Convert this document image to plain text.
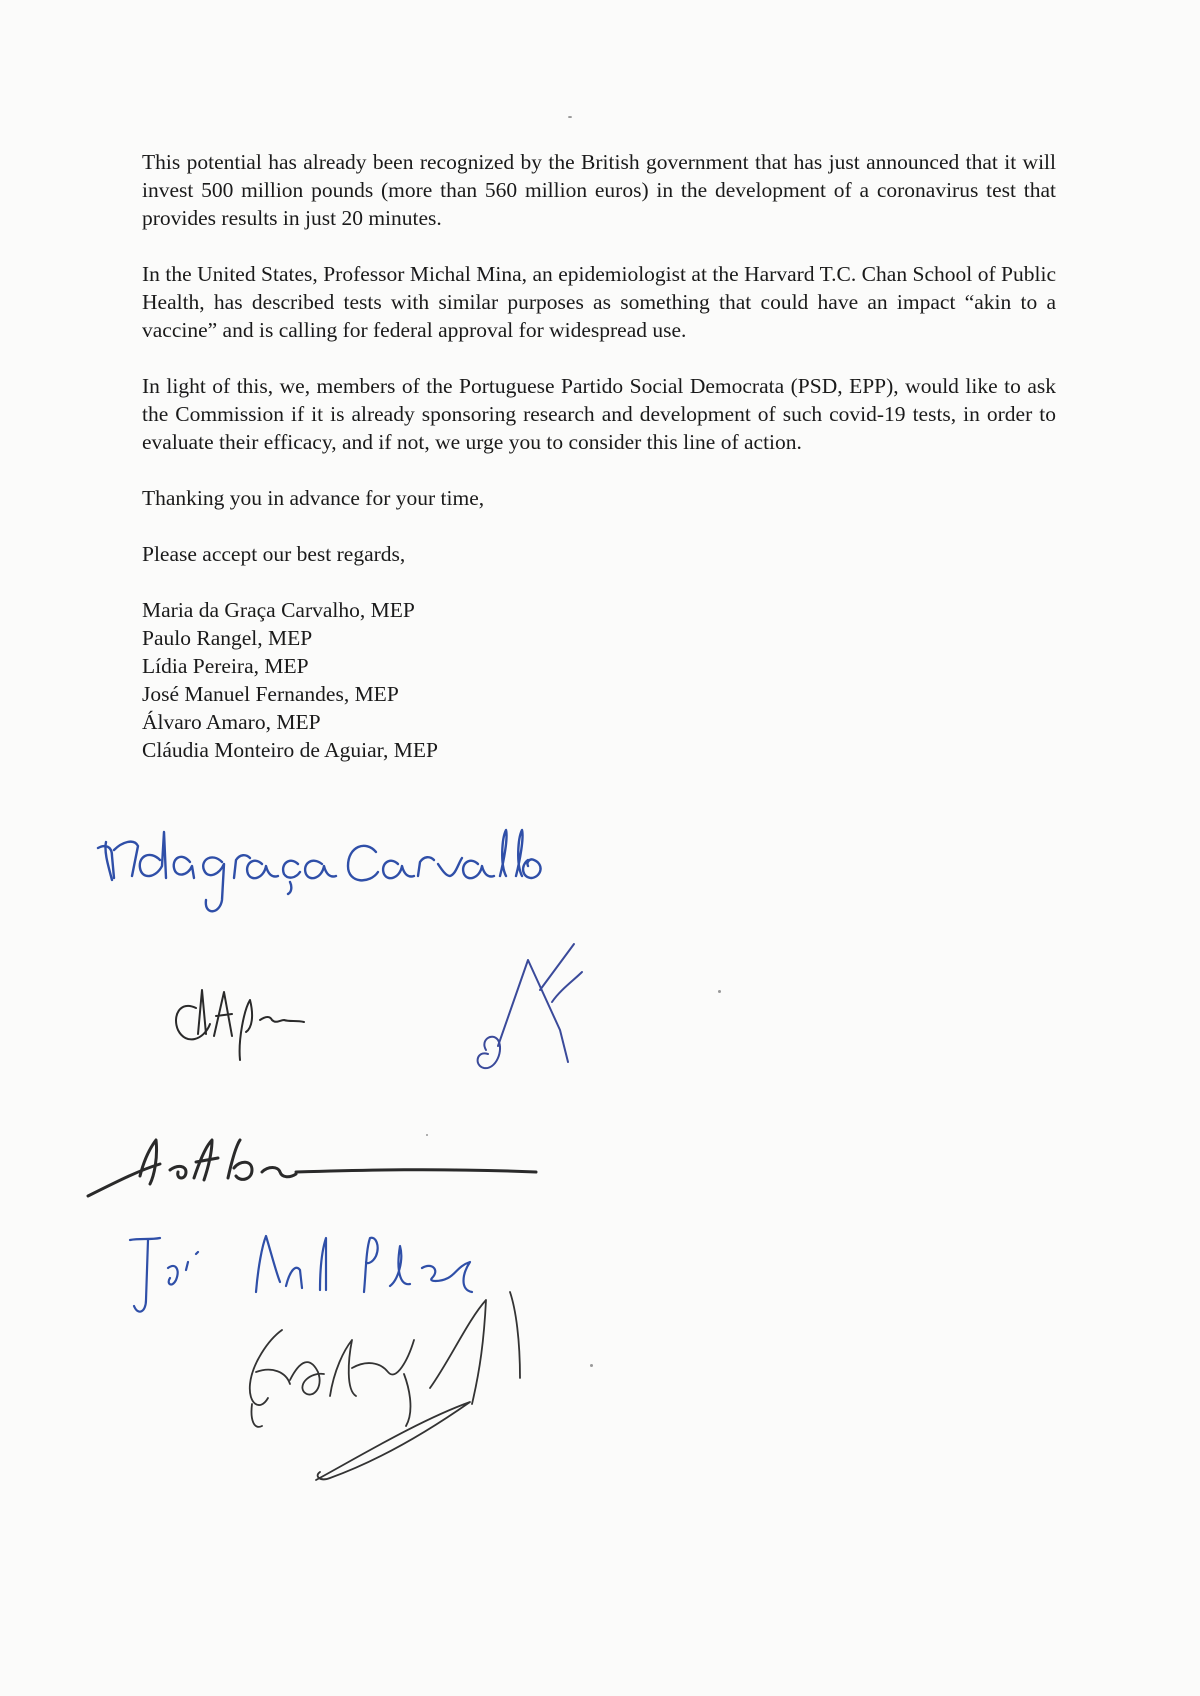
This potential has already been recognized by the British government that has just announced that it will invest 500 million pounds (more than 560 million euros) in the development of a coronavirus test that provides results in just 20 minutes.

In the United States, Professor Michal Mina, an epidemiologist at the Harvard T.C. Chan School of Public Health, has described tests with similar purposes as something that could have an impact “akin to a vaccine” and is calling for federal approval for widespread use.

In light of this, we, members of the Portuguese Partido Social Democrata (PSD, EPP), would like to ask the Commission if it is already sponsoring research and development of such covid-19 tests, in order to evaluate their efficacy, and if not, we urge you to consider this line of action.

Thanking you in advance for your time,

Please accept our best regards,

Maria da Graça Carvalho, MEP
Paulo Rangel, MEP
Lídia Pereira, MEP
José Manuel Fernandes, MEP
Álvaro Amaro, MEP
Cláudia Monteiro de Aguiar, MEP
